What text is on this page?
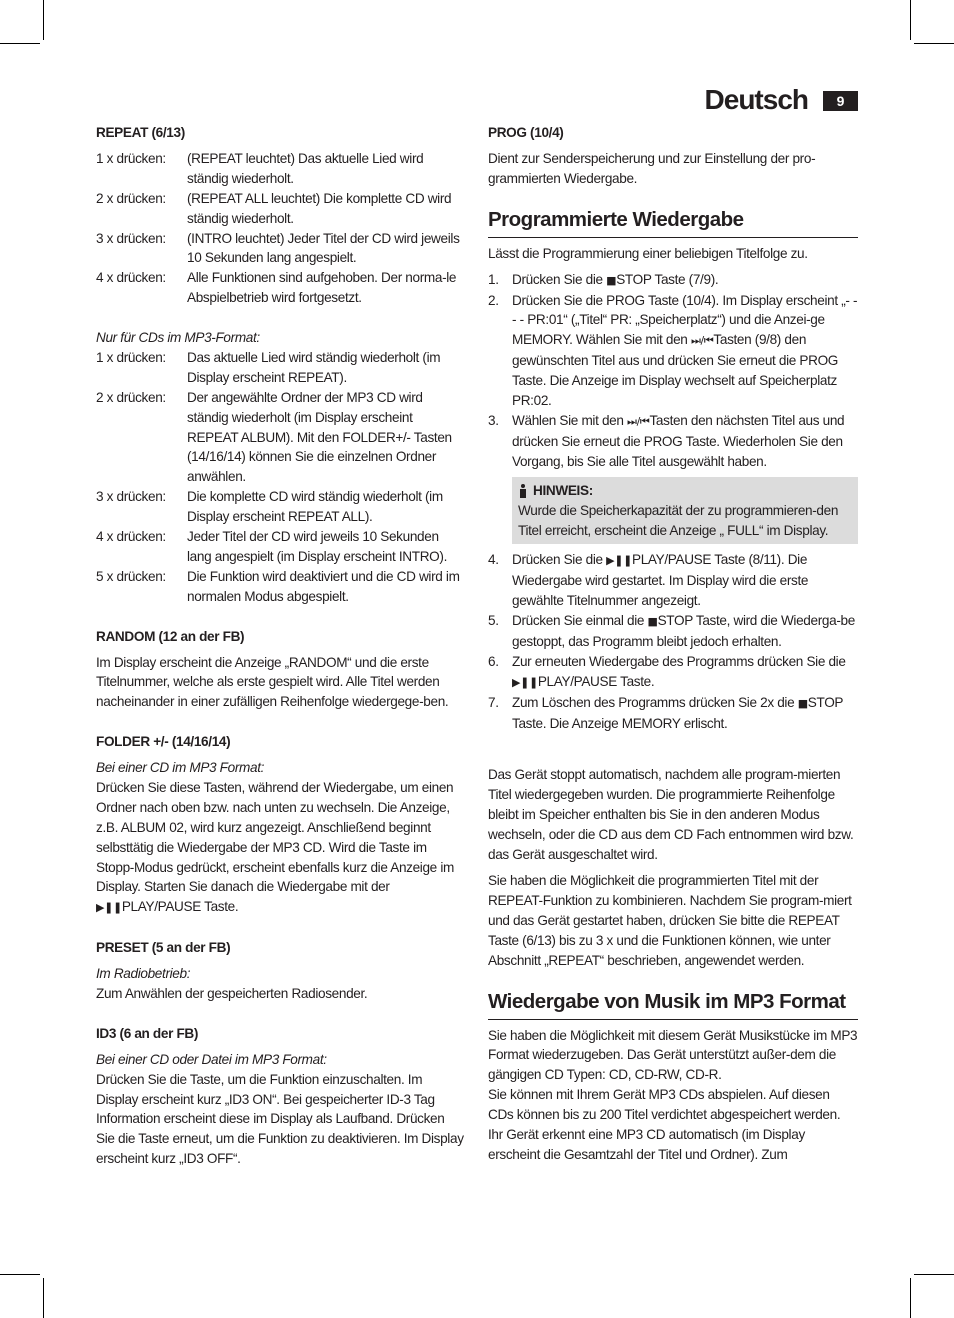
Deutsch	9

REPEAT (6/13)

1 x drücken:	(REPEAT leuchtet) Das aktuelle Lied wird ständig wiederholt.
2 x drücken:	(REPEAT ALL leuchtet) Die komplette CD wird ständig wiederholt.
3 x drücken:	(INTRO leuchtet) Jeder Titel der CD wird jeweils 10 Sekunden lang angespielt.
4 x drücken:	Alle Funktionen sind aufgehoben. Der norma-le Abspielbetrieb wird fortgesetzt.

Nur für CDs im MP3-Format:

1 x drücken:	Das aktuelle Lied wird ständig wiederholt (im Display erscheint REPEAT).
2 x drücken:	Der angewählte Ordner der MP3 CD wird ständig wiederholt (im Display erscheint REPEAT ALBUM). Mit den FOLDER+/- Tasten (14/16/14) können Sie die einzelnen Ordner anwählen.
3 x drücken:	Die komplette CD wird ständig wiederholt (im Display erscheint REPEAT ALL).
4 x drücken:	Jeder Titel der CD wird jeweils 10 Sekunden lang angespielt (im Display erscheint INTRO).
5 x drücken:	Die Funktion wird deaktiviert und die CD wird im normalen Modus abgespielt.

RANDOM (12 an der FB)

Im Display erscheint die Anzeige „RANDOM“ und die erste Titelnummer, welche als erste gespielt wird. Alle Titel werden nacheinander in einer zufälligen Reihenfolge wiedergege-ben.

FOLDER +/- (14/16/14)

Bei einer CD im MP3 Format:

Drücken Sie diese Tasten, während der Wiedergabe, um einen Ordner nach oben bzw. nach unten zu wechseln. Die Anzeige, z.B. ALBUM 02, wird kurz angezeigt. Anschließend beginnt selbsttätig die Wiedergabe der MP3 CD. Wird die Taste im Stopp-Modus gedrückt, erscheint ebenfalls kurz die Anzeige im Display. Starten Sie danach die Wiedergabe mit der ▶︎❚❚PLAY/PAUSE Taste.

PRESET (5 an der FB)

Im Radiobetrieb:

Zum Anwählen der gespeicherten Radiosender.

ID3 (6 an der FB)

Bei einer CD oder Datei im MP3 Format:

Drücken Sie die Taste, um die Funktion einzuschalten. Im Display erscheint kurz „ID3 ON“. Bei gespeicherter ID-3 Tag Information erscheint diese im Display als Laufband. Drücken Sie die Taste erneut, um die Funktion zu deaktivieren. Im Display erscheint kurz „ID3 OFF“.

PROG (10/4)

Dient zur Senderspeicherung und zur Einstellung der pro-grammierten Wiedergabe.

Programmierte Wiedergabe

Lässt die Programmierung einer beliebigen Titelfolge zu.

1. Drücken Sie die ■STOP Taste (7/9).
2. Drücken Sie die PROG Taste (10/4). Im Display erscheint „- - - - PR:01“ („Titel“ PR: „Speicherplatz“) und die Anzei-ge MEMORY. Wählen Sie mit den ⏭/⏮Tasten (9/8) den gewünschten Titel aus und drücken Sie erneut die PROG Taste. Die Anzeige im Display wechselt auf Speicherplatz PR:02.
3. Wählen Sie mit den ⏭/⏮Tasten den nächsten Titel aus und drücken Sie erneut die PROG Taste. Wiederholen Sie den Vorgang, bis Sie alle Titel ausgewählt haben.
HINWEIS:
Wurde die Speicherkapazität der zu programmieren-den Titel erreicht, erscheint die Anzeige „ FULL“ im Display.
4. Drücken Sie die ▶︎❚❚PLAY/PAUSE Taste (8/11). Die Wiedergabe wird gestartet. Im Display wird die erste gewählte Titelnummer angezeigt.
5. Drücken Sie einmal die ■STOP Taste, wird die Wiederga-be gestoppt, das Programm bleibt jedoch erhalten.
6. Zur erneuten Wiedergabe des Programms drücken Sie die ▶︎❚❚PLAY/PAUSE Taste.
7. Zum Löschen des Programms drücken Sie 2x die ■STOP Taste. Die Anzeige MEMORY erlischt.

Das Gerät stoppt automatisch, nachdem alle program-mierten Titel wiedergegeben wurden. Die programmierte Reihenfolge bleibt im Speicher enthalten bis Sie in den anderen Modus wechseln, oder die CD aus dem CD Fach entnommen wird bzw. das Gerät ausgeschaltet wird.

Sie haben die Möglichkeit die programmierten Titel mit der REPEAT-Funktion zu kombinieren. Nachdem Sie program-miert und das Gerät gestartet haben, drücken Sie bitte die REPEAT Taste (6/13) bis zu 3 x und die Funktionen können, wie unter Abschnitt „REPEAT“ beschrieben, angewendet werden.

Wiedergabe von Musik im MP3 Format

Sie haben die Möglichkeit mit diesem Gerät Musikstücke im MP3 Format wiederzugeben. Das Gerät unterstützt außer-dem die gängigen CD Typen: CD, CD-RW, CD-R.

Sie können mit Ihrem Gerät MP3 CDs abspielen. Auf diesen CDs können bis zu 200 Titel verdichtet abgespeichert werden. Ihr Gerät erkennt eine MP3 CD automatisch (im Display erscheint die Gesamtzahl der Titel und Ordner). Zum
